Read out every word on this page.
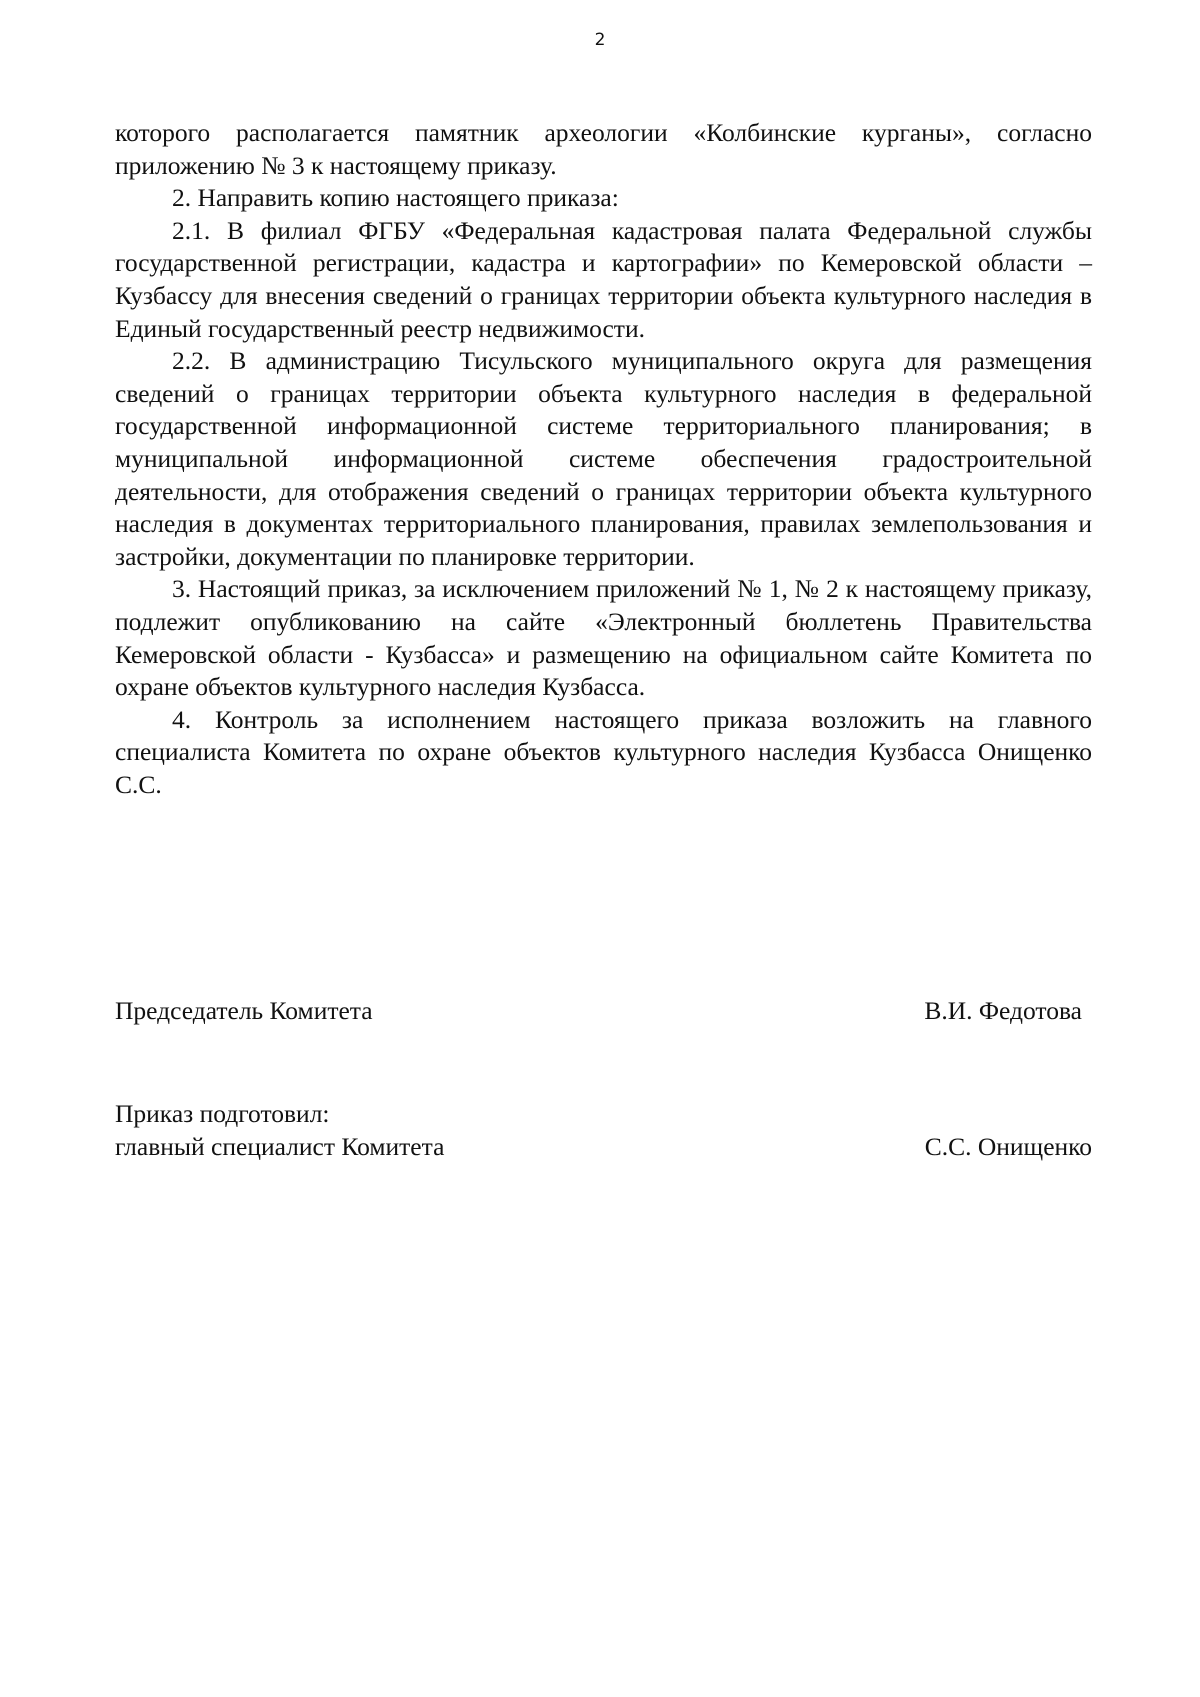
2

которого располагается памятник археологии «Колбинские курганы», согласно приложению № 3 к настоящему приказу.

2. Направить копию настоящего приказа:

2.1. В филиал ФГБУ «Федеральная кадастровая палата Федеральной службы государственной регистрации, кадастра и картографии» по Кемеровской области – Кузбассу для внесения сведений о границах территории объекта культурного наследия в Единый государственный реестр недвижимости.

2.2. В администрацию Тисульского муниципального округа для размещения сведений о границах территории объекта культурного наследия в федеральной государственной информационной системе территориального планирования; в муниципальной информационной системе обеспечения градостроительной деятельности, для отображения сведений о границах территории объекта культурного наследия в документах территориального планирования, правилах землепользования и застройки, документации по планировке территории.

3. Настоящий приказ, за исключением приложений № 1, № 2 к настоящему приказу, подлежит опубликованию на сайте «Электронный бюллетень Правительства Кемеровской области - Кузбасса» и размещению на официальном сайте Комитета по охране объектов культурного наследия Кузбасса.

4. Контроль за исполнением настоящего приказа возложить на главного специалиста Комитета по охране объектов культурного наследия Кузбасса Онищенко С.С.

Председатель Комитета	В.И. Федотова
Приказ подготовил:
главный специалист Комитета	С.С. Онищенко
